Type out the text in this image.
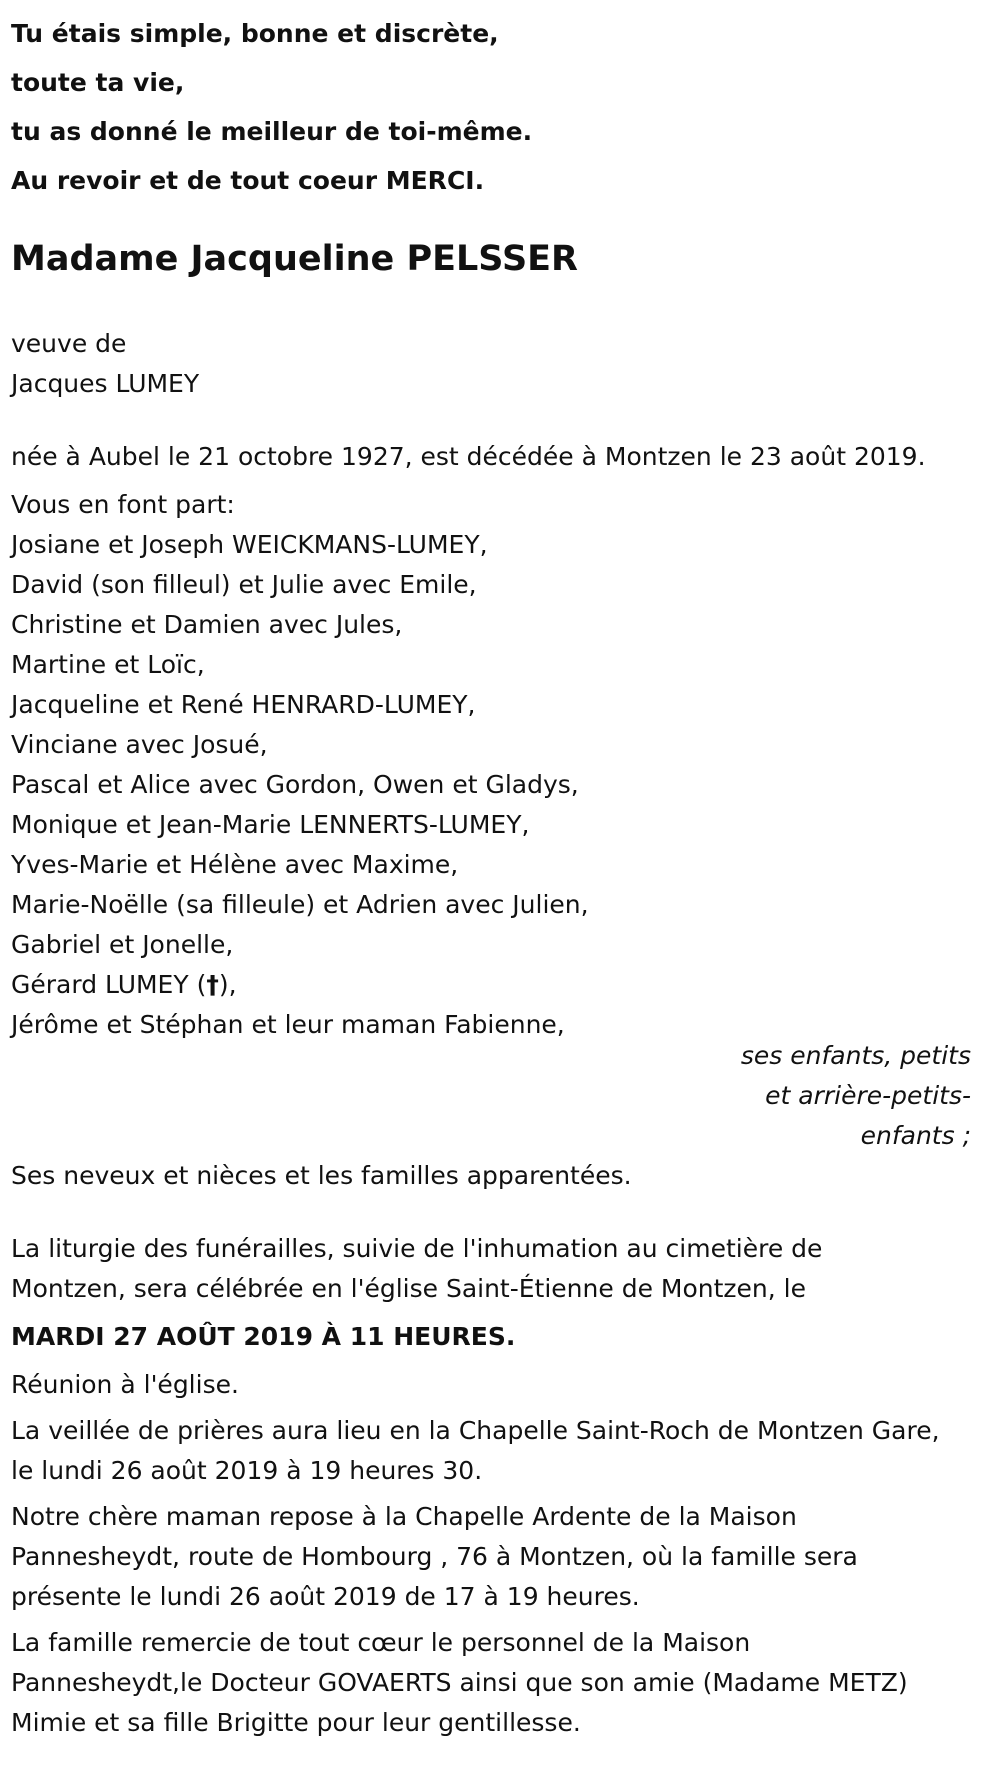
Tu étais simple, bonne et discrète,
toute ta vie,
tu as donné le meilleur de toi-même.
Au revoir et de tout coeur MERCI.
Madame Jacqueline PELSSER
veuve de
Jacques LUMEY
née à Aubel le 21 octobre 1927, est décédée à Montzen le 23 août 2019.
Vous en font part:
Josiane et Joseph WEICKMANS-LUMEY,
David (son filleul) et Julie avec Emile,
Christine et Damien avec Jules,
Martine et Loïc,
Jacqueline et René HENRARD-LUMEY,
Vinciane avec Josué,
Pascal et Alice avec Gordon, Owen et Gladys,
Monique et Jean-Marie LENNERTS-LUMEY,
Yves-Marie et Hélène avec Maxime,
Marie-Noëlle (sa filleule) et Adrien avec Julien,
Gabriel et Jonelle,
Gérard LUMEY (†),
Jérôme et Stéphan et leur maman Fabienne,
ses enfants, petits
et arrière-petits-
enfants ;
Ses neveux et nièces et les familles apparentées.
La liturgie des funérailles, suivie de l'inhumation au cimetière de
Montzen, sera célébrée en l'église Saint-Étienne de Montzen, le
MARDI 27 AOÛT 2019 À 11 HEURES.
Réunion à l'église.
La veillée de prières aura lieu en la Chapelle Saint-Roch de Montzen Gare,
le lundi 26 août 2019 à 19 heures 30.
Notre chère maman repose à la Chapelle Ardente de la Maison
Pannesheydt, route de Hombourg , 76 à Montzen, où la famille sera
présente le lundi 26 août 2019 de 17 à 19 heures.
La famille remercie de tout cœur le personnel de la Maison
Pannesheydt,le Docteur GOVAERTS ainsi que son amie (Madame METZ)
Mimie et sa fille Brigitte pour leur gentillesse.
